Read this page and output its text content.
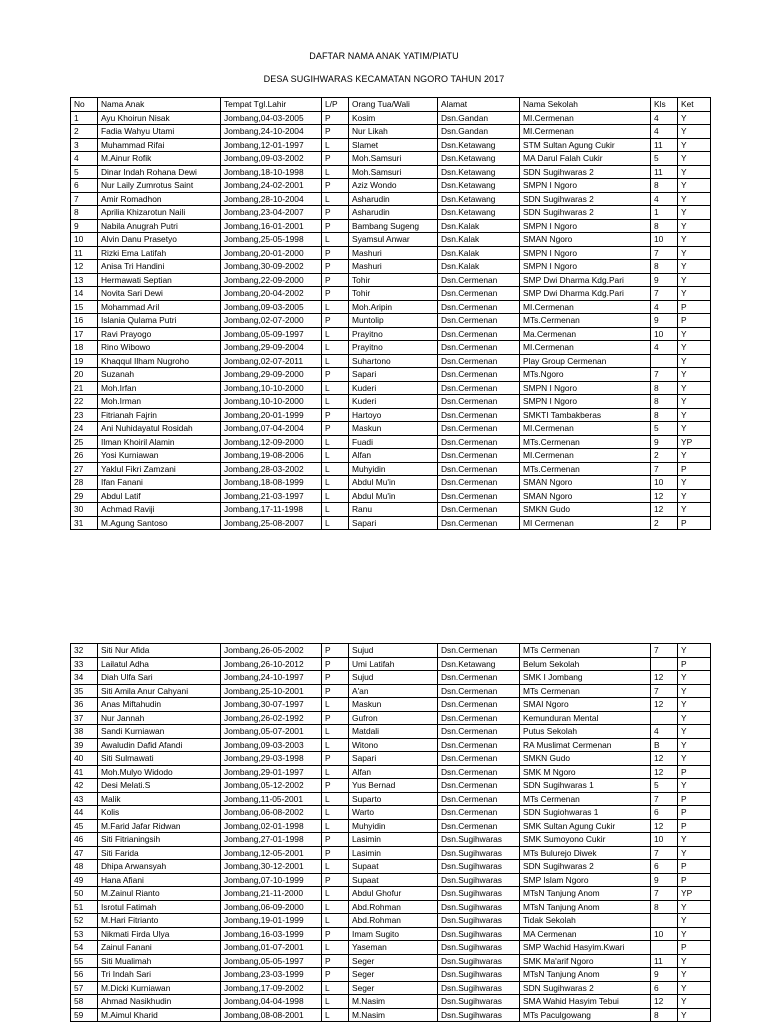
DAFTAR NAMA ANAK YATIM/PIATU
DESA SUGIHWARAS KECAMATAN NGORO TAHUN 2017
No	Nama Anak	Tempat Tgl.Lahir	L/P	Orang Tua/Wali	Alamat	Nama Sekolah	Kls	Ket
1	Ayu Khoirun Nisak	Jombang,04-03-2005	P	Kosim	Dsn.Gandan	MI.Cermenan	4	Y
2	Fadia Wahyu Utami	Jombang,24-10-2004	P	Nur Likah	Dsn.Gandan	MI.Cermenan	4	Y
3	Muhammad Rifai	Jombang,12-01-1997	L	Slamet	Dsn.Ketawang	STM Sultan Agung Cukir	11	Y
4	M.Ainur Rofik	Jombang,09-03-2002	P	Moh.Samsuri	Dsn.Ketawang	MA Darul Falah Cukir	5	Y
5	Dinar Indah Rohana Dewi	Jombang,18-10-1998	L	Moh.Samsuri	Dsn.Ketawang	SDN Sugihwaras 2	11	Y
6	Nur Laily Zumrotus Saint	Jombang,24-02-2001	P	Aziz Wondo	Dsn.Ketawang	SMPN I Ngoro	8	Y
7	Amir Romadhon	Jombang,28-10-2004	L	Asharudin	Dsn.Ketawang	SDN Sugihwaras 2	4	Y
8	Aprilia Khizarotun Naili	Jombang,23-04-2007	P	Asharudin	Dsn.Ketawang	SDN Sugihwaras 2	1	Y
9	Nabila Anugrah Putri	Jombang,16-01-2001	P	Bambang Sugeng	Dsn.Kalak	SMPN I Ngoro	8	Y
10	Alvin Danu Prasetyo	Jombang,25-05-1998	L	Syamsul Anwar	Dsn.Kalak	SMAN Ngoro	10	Y
11	Rizki Ema Latifah	Jombang,20-01-2000	P	Mashuri	Dsn.Kalak	SMPN I Ngoro	7	Y
12	Anisa Tri Handini	Jombang,30-09-2002	P	Mashuri	Dsn.Kalak	SMPN I Ngoro	8	Y
13	Hermawati Septian	Jombang,22-09-2000	P	Tohir	Dsn.Cermenan	SMP Dwi Dharma Kdg.Pari	9	Y
14	Novita Sari Dewi	Jombang,20-04-2002	P	Tohir	Dsn.Cermenan	SMP Dwi Dharma Kdg.Pari	7	Y
15	Mohammad Aril	Jombang,09-03-2005	L	Moh.Aripin	Dsn.Cermenan	MI.Cermenan	4	P
16	Islania Qulama Putri	Jombang,02-07-2000	P	Muntolip	Dsn.Cermenan	MTs.Cermenan	9	P
17	Ravi Prayogo	Jombang,05-09-1997	L	Prayitno	Dsn.Cermenan	Ma.Cermenan	10	Y
18	Rino Wibowo	Jombang,29-09-2004	L	Prayitno	Dsn.Cermenan	MI.Cermenan	4	Y
19	Khaqqul Ilham Nugroho	Jombang,02-07-2011	L	Suhartono	Dsn.Cermenan	Play Group Cermenan		Y
20	Suzanah	Jombang,29-09-2000	P	Sapari	Dsn.Cermenan	MTs.Ngoro	7	Y
21	Moh.Irfan	Jombang,10-10-2000	L	Kuderi	Dsn.Cermenan	SMPN I Ngoro	8	Y
22	Moh.Irman	Jombang,10-10-2000	L	Kuderi	Dsn.Cermenan	SMPN I Ngoro	8	Y
23	Fitrianah Fajrin	Jombang,20-01-1999	P	Hartoyo	Dsn.Cermenan	SMKTI Tambakberas	8	Y
24	Ani Nuhidayatul Rosidah	Jombang,07-04-2004	P	Maskun	Dsn.Cermenan	MI.Cermenan	5	Y
25	Ilman Khoiril Alamin	Jombang,12-09-2000	L	Fuadi	Dsn.Cermenan	MTs.Cermenan	9	YP
26	Yosi Kurniawan	Jombang,19-08-2006	L	Alfan	Dsn.Cermenan	MI.Cermenan	2	Y
27	Yaklul Fikri Zamzani	Jombang,28-03-2002	L	Muhyidin	Dsn.Cermenan	MTs.Cermenan	7	P
28	Ifan Fanani	Jombang,18-08-1999	L	Abdul Mu'in	Dsn.Cermenan	SMAN Ngoro	10	Y
29	Abdul Latif	Jombang,21-03-1997	L	Abdul Mu'in	Dsn.Cermenan	SMAN Ngoro	12	Y
30	Achmad Raviji	Jombang,17-11-1998	L	Ranu	Dsn.Cermenan	SMKN Gudo	12	Y
31	M.Agung Santoso	Jombang,25-08-2007	L	Sapari	Dsn.Cermenan	MI Cermenan	2	P
32	Siti Nur Afida	Jombang,26-05-2002	P	Sujud	Dsn.Cermenan	MTs Cermenan	7	Y
33	Lailatul Adha	Jombang,26-10-2012	P	Umi Latifah	Dsn.Ketawang	Belum Sekolah		P
34	Diah Ulfa Sari	Jombang,24-10-1997	P	Sujud	Dsn.Cermenan	SMK I Jombang	12	Y
35	Siti Amila Anur Cahyani	Jombang,25-10-2001	P	A'an	Dsn.Cermenan	MTs Cermenan	7	Y
36	Anas Miftahudin	Jombang,30-07-1997	L	Maskun	Dsn.Cermenan	SMAI Ngoro	12	Y
37	Nur Jannah	Jombang,26-02-1992	P	Gufron	Dsn.Cermenan	Kemunduran Mental		Y
38	Sandi Kurniawan	Jombang,05-07-2001	L	Matdali	Dsn.Cermenan	Putus Sekolah	4	Y
39	Awaludin Dafid Afandi	Jombang,09-03-2003	L	Witono	Dsn.Cermenan	RA Muslimat Cermenan	B	Y
40	Siti Sulmawati	Jombang,29-03-1998	P	Sapari	Dsn.Cermenan	SMKN Gudo	12	Y
41	Moh.Mulyo Widodo	Jombang,29-01-1997	L	Alfan	Dsn.Cermenan	SMK M Ngoro	12	P
42	Desi Melati.S	Jombang,05-12-2002	P	Yus Bernad	Dsn.Cermenan	SDN Sugihwaras 1	5	Y
43	Malik	Jombang,11-05-2001	L	Suparto	Dsn.Cermenan	MTs Cermenan	7	P
44	Kolis	Jombang,06-08-2002	L	Warto	Dsn.Cermenan	SDN Sugiohwaras 1	6	P
45	M.Farid Jafar Ridwan	Jombang,02-01-1998	L	Muhyidin	Dsn.Cermenan	SMK Sultan Agung Cukir	12	P
46	Siti Fitrianingsih	Jombang,27-01-1998	P	Lasimin	Dsn.Sugihwaras	SMK Sumoyono Cukir	10	Y
47	Siti Farida	Jombang,12-05-2001	P	Lasimin	Dsn.Sugihwaras	MTs Bulurejo Diwek	7	Y
48	Dhipa Arwansyah	Jombang,30-12-2001	L	Supaat	Dsn.Sugihwaras	SDN Sugihwaras 2	6	P
49	Hana Afiani	Jombang,07-10-1999	P	Supaat	Dsn.Sugihwaras	SMP Islam Ngoro	9	P
50	M.Zainul Rianto	Jombang,21-11-2000	L	Abdul Ghofur	Dsn.Sugihwaras	MTsN Tanjung Anom	7	YP
51	Isrotul Fatimah	Jombang,06-09-2000	L	Abd.Rohman	Dsn.Sugihwaras	MTsN Tanjung Anom	8	Y
52	M.Hari Fitrianto	Jombang,19-01-1999	L	Abd.Rohman	Dsn.Sugihwaras	Tidak Sekolah		Y
53	Nikmati Firda Ulya	Jombang,16-03-1999	P	Imam Sugito	Dsn.Sugihwaras	MA Cermenan	10	Y
54	Zainul Fanani	Jombang,01-07-2001	L	Yaseman	Dsn.Sugihwaras	SMP Wachid Hasyim.Kwari		P
55	Siti Mualimah	Jombang,05-05-1997	P	Seger	Dsn.Sugihwaras	SMK Ma'arif Ngoro	11	Y
56	Tri Indah Sari	Jombang,23-03-1999	P	Seger	Dsn.Sugihwaras	MTsN Tanjung Anom	9	Y
57	M.Dicki Kurniawan	Jombang,17-09-2002	L	Seger	Dsn.Sugihwaras	SDN Sugihwaras 2	6	Y
58	Ahmad Nasikhudin	Jombang,04-04-1998	L	M.Nasim	Dsn.Sugihwaras	SMA Wahid Hasyim Tebui	12	Y
59	M.Aimul Kharid	Jombang,08-08-2001	L	M.Nasim	Dsn.Sugihwaras	MTs Paculgowang	8	Y
